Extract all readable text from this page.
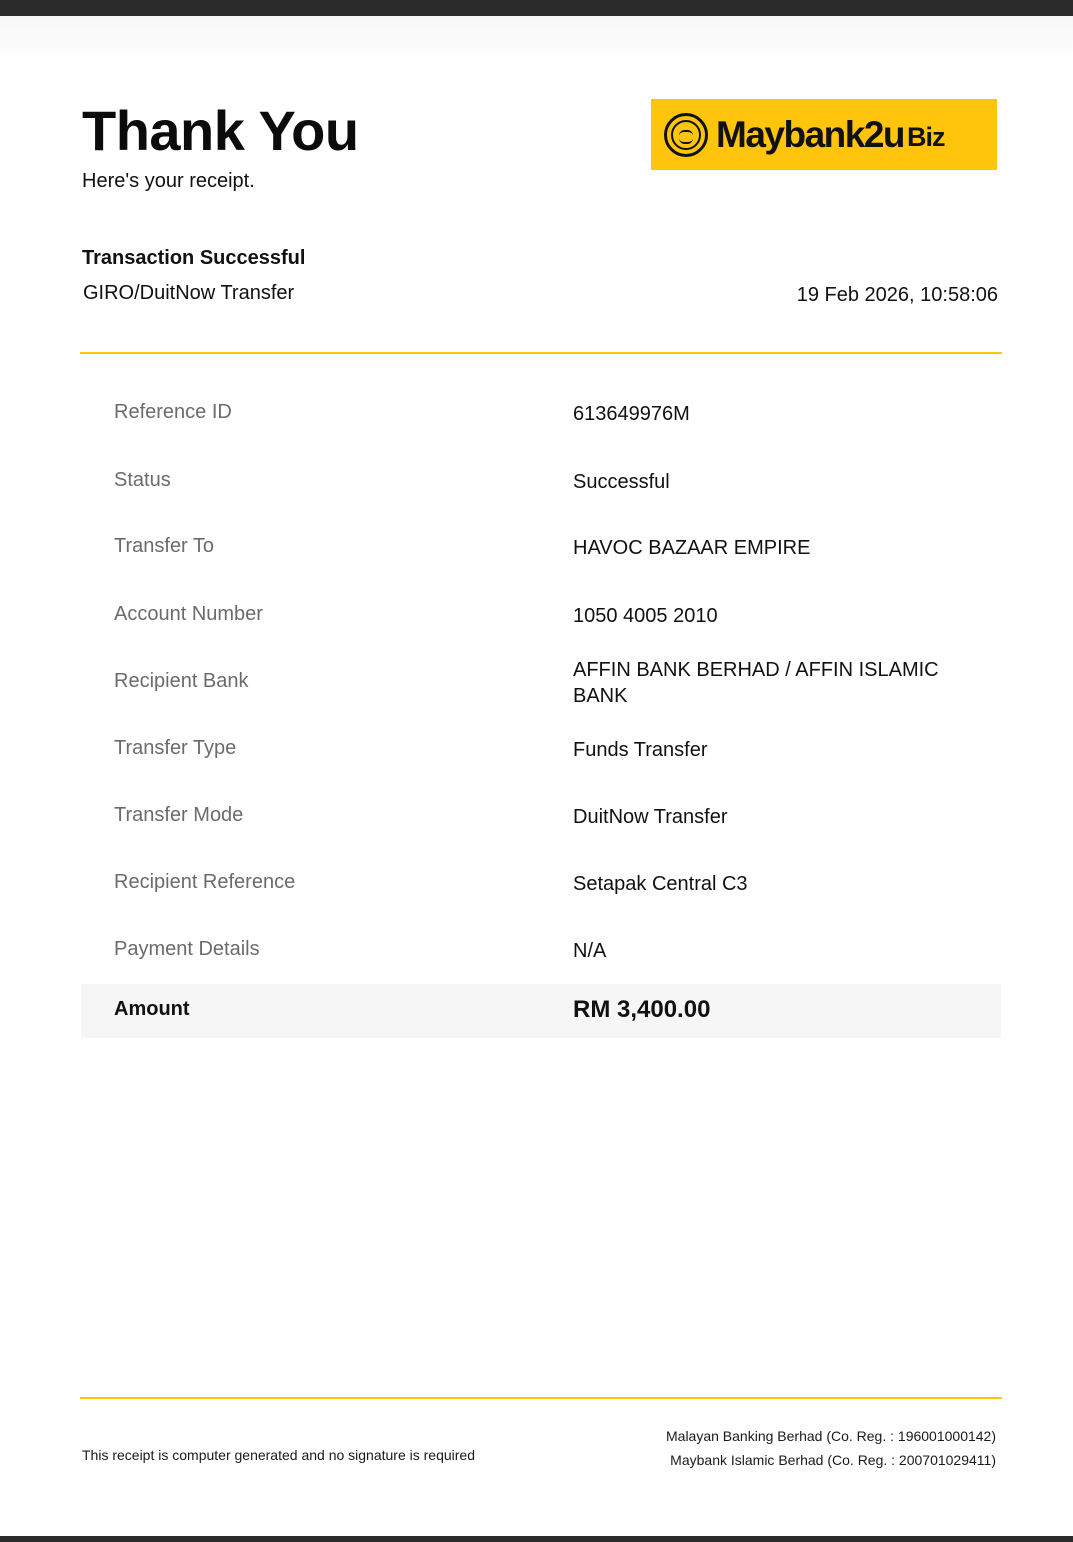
Thank You
Here's your receipt.
Maybank2u Biz
Transaction Successful
GIRO/DuitNow Transfer	19 Feb 2026, 10:58:06
Reference ID	613649976M
Status	Successful
Transfer To	HAVOC BAZAAR EMPIRE
Account Number	1050 4005 2010
Recipient Bank	AFFIN BANK BERHAD / AFFIN ISLAMIC BANK
Transfer Type	Funds Transfer
Transfer Mode	DuitNow Transfer
Recipient Reference	Setapak Central C3
Payment Details	N/A
Amount	RM 3,400.00
This receipt is computer generated and no signature is required
Malayan Banking Berhad (Co. Reg. : 196001000142)
Maybank Islamic Berhad (Co. Reg. : 200701029411)
